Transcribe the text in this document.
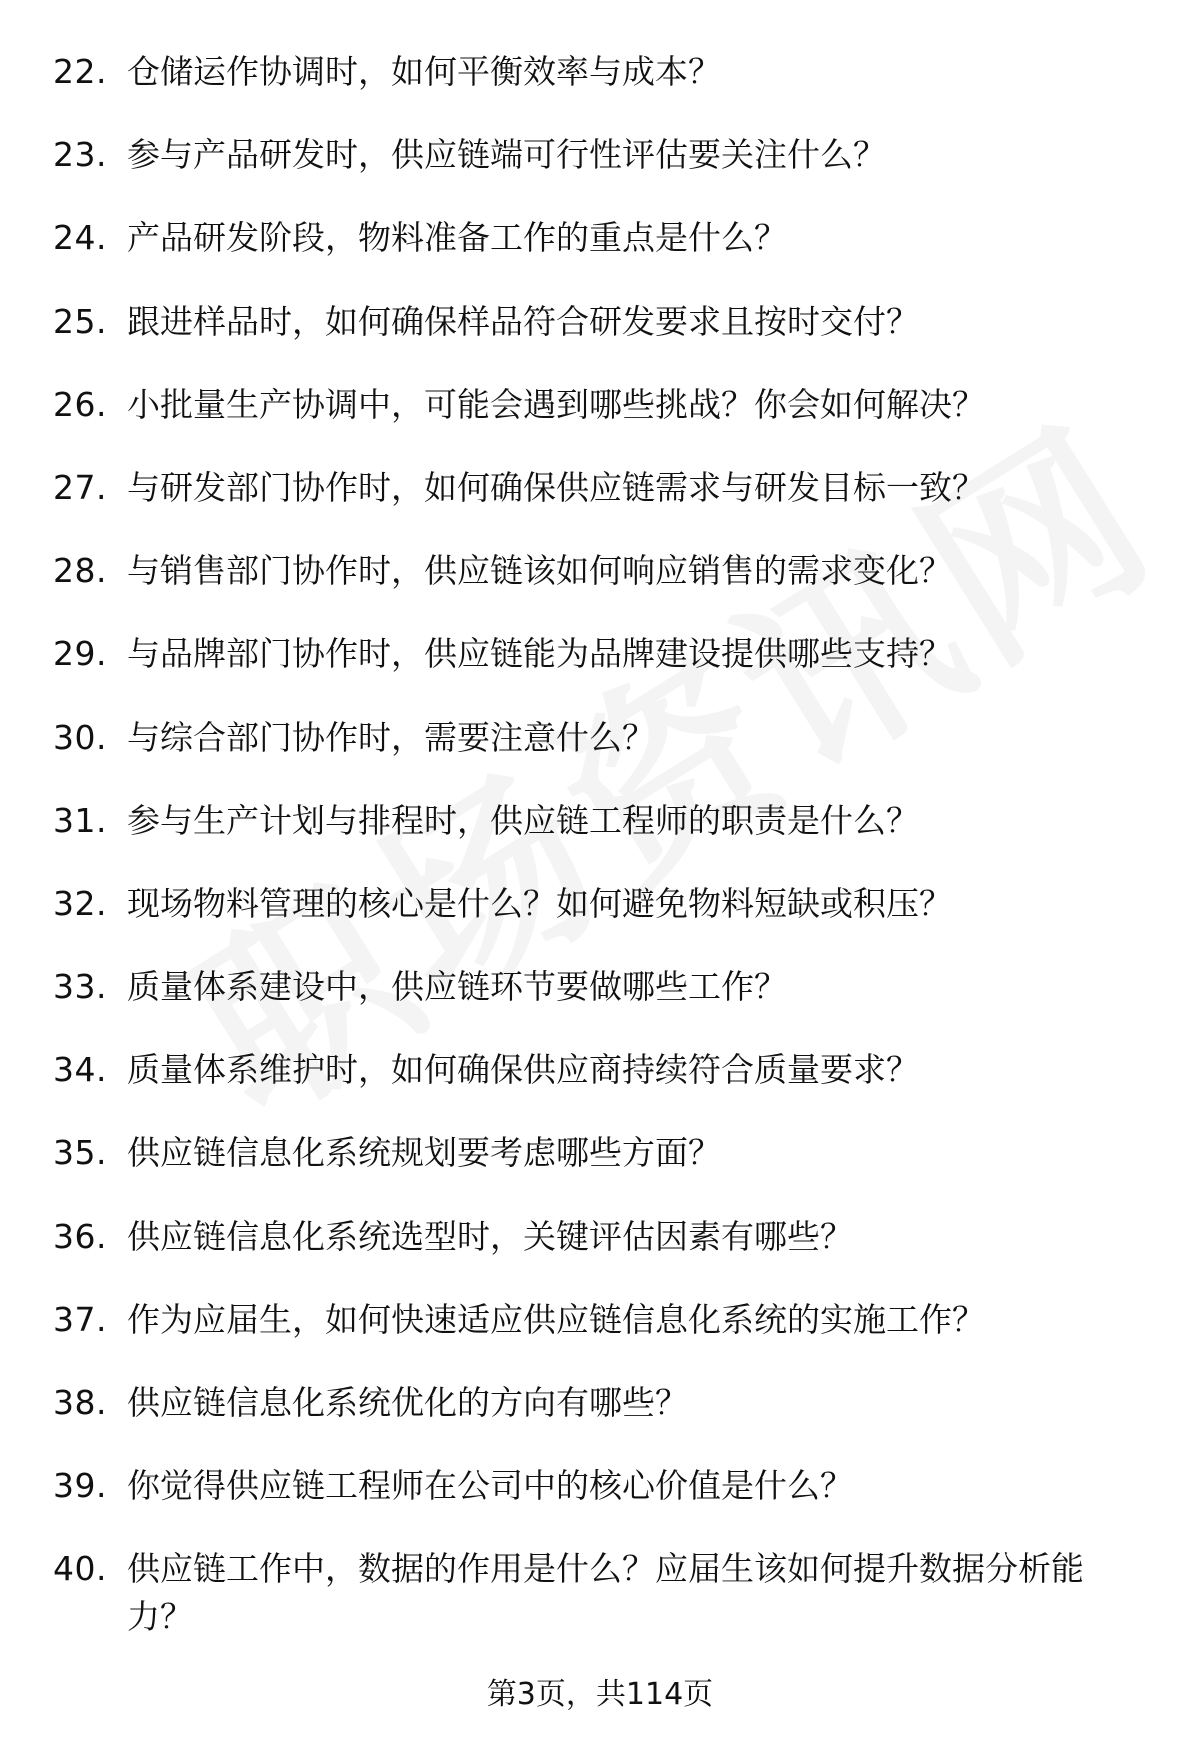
22. 仓储运作协调时，如何平衡效率与成本？
23. 参与产品研发时，供应链端可行性评估要关注什么？
24. 产品研发阶段，物料准备工作的重点是什么？
25. 跟进样品时，如何确保样品符合研发要求且按时交付？
26. 小批量生产协调中，可能会遇到哪些挑战？你会如何解决？
27. 与研发部门协作时，如何确保供应链需求与研发目标一致？
28. 与销售部门协作时，供应链该如何响应销售的需求变化？
29. 与品牌部门协作时，供应链能为品牌建设提供哪些支持？
30. 与综合部门协作时，需要注意什么？
31. 参与生产计划与排程时，供应链工程师的职责是什么？
32. 现场物料管理的核心是什么？如何避免物料短缺或积压？
33. 质量体系建设中，供应链环节要做哪些工作？
34. 质量体系维护时，如何确保供应商持续符合质量要求？
35. 供应链信息化系统规划要考虑哪些方面？
36. 供应链信息化系统选型时，关键评估因素有哪些？
37. 作为应届生，如何快速适应供应链信息化系统的实施工作？
38. 供应链信息化系统优化的方向有哪些？
39. 你觉得供应链工程师在公司中的核心价值是什么？
40. 供应链工作中，数据的作用是什么？应届生该如何提升数据分析能力？
第3页，共114页
